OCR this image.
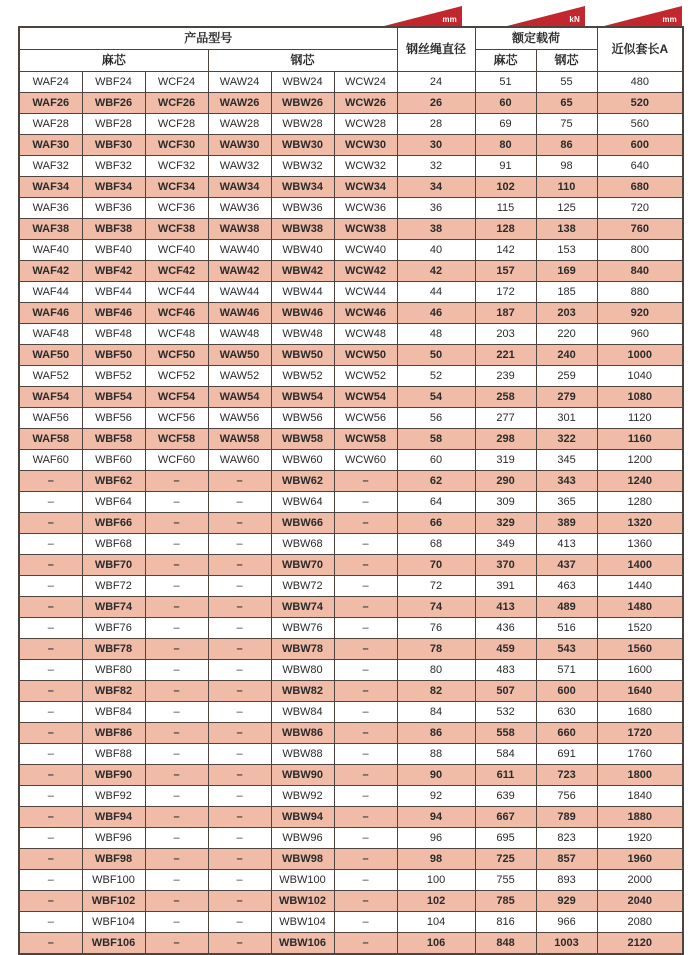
mm	kN	mm
产品型号						钢丝绳直径	额定载荷		近似套长A
麻芯			钢芯				麻芯	钢芯	
WAF24	WBF24	WCF24	WAW24	WBW24	WCW24	24	51	55	480
WAF26	WBF26	WCF26	WAW26	WBW26	WCW26	26	60	65	520
WAF28	WBF28	WCF28	WAW28	WBW28	WCW28	28	69	75	560
WAF30	WBF30	WCF30	WAW30	WBW30	WCW30	30	80	86	600
WAF32	WBF32	WCF32	WAW32	WBW32	WCW32	32	91	98	640
WAF34	WBF34	WCF34	WAW34	WBW34	WCW34	34	102	110	680
WAF36	WBF36	WCF36	WAW36	WBW36	WCW36	36	115	125	720
WAF38	WBF38	WCF38	WAW38	WBW38	WCW38	38	128	138	760
WAF40	WBF40	WCF40	WAW40	WBW40	WCW40	40	142	153	800
WAF42	WBF42	WCF42	WAW42	WBW42	WCW42	42	157	169	840
WAF44	WBF44	WCF44	WAW44	WBW44	WCW44	44	172	185	880
WAF46	WBF46	WCF46	WAW46	WBW46	WCW46	46	187	203	920
WAF48	WBF48	WCF48	WAW48	WBW48	WCW48	48	203	220	960
WAF50	WBF50	WCF50	WAW50	WBW50	WCW50	50	221	240	1000
WAF52	WBF52	WCF52	WAW52	WBW52	WCW52	52	239	259	1040
WAF54	WBF54	WCF54	WAW54	WBW54	WCW54	54	258	279	1080
WAF56	WBF56	WCF56	WAW56	WBW56	WCW56	56	277	301	1120
WAF58	WBF58	WCF58	WAW58	WBW58	WCW58	58	298	322	1160
WAF60	WBF60	WCF60	WAW60	WBW60	WCW60	60	319	345	1200
–	WBF62	–	–	WBW62	–	62	290	343	1240
–	WBF64	–	–	WBW64	–	64	309	365	1280
–	WBF66	–	–	WBW66	–	66	329	389	1320
–	WBF68	–	–	WBW68	–	68	349	413	1360
–	WBF70	–	–	WBW70	–	70	370	437	1400
–	WBF72	–	–	WBW72	–	72	391	463	1440
–	WBF74	–	–	WBW74	–	74	413	489	1480
–	WBF76	–	–	WBW76	–	76	436	516	1520
–	WBF78	–	–	WBW78	–	78	459	543	1560
–	WBF80	–	–	WBW80	–	80	483	571	1600
–	WBF82	–	–	WBW82	–	82	507	600	1640
–	WBF84	–	–	WBW84	–	84	532	630	1680
–	WBF86	–	–	WBW86	–	86	558	660	1720
–	WBF88	–	–	WBW88	–	88	584	691	1760
–	WBF90	–	–	WBW90	–	90	611	723	1800
–	WBF92	–	–	WBW92	–	92	639	756	1840
–	WBF94	–	–	WBW94	–	94	667	789	1880
–	WBF96	–	–	WBW96	–	96	695	823	1920
–	WBF98	–	–	WBW98	–	98	725	857	1960
–	WBF100	–	–	WBW100	–	100	755	893	2000
–	WBF102	–	–	WBW102	–	102	785	929	2040
–	WBF104	–	–	WBW104	–	104	816	966	2080
–	WBF106	–	–	WBW106	–	106	848	1003	2120
